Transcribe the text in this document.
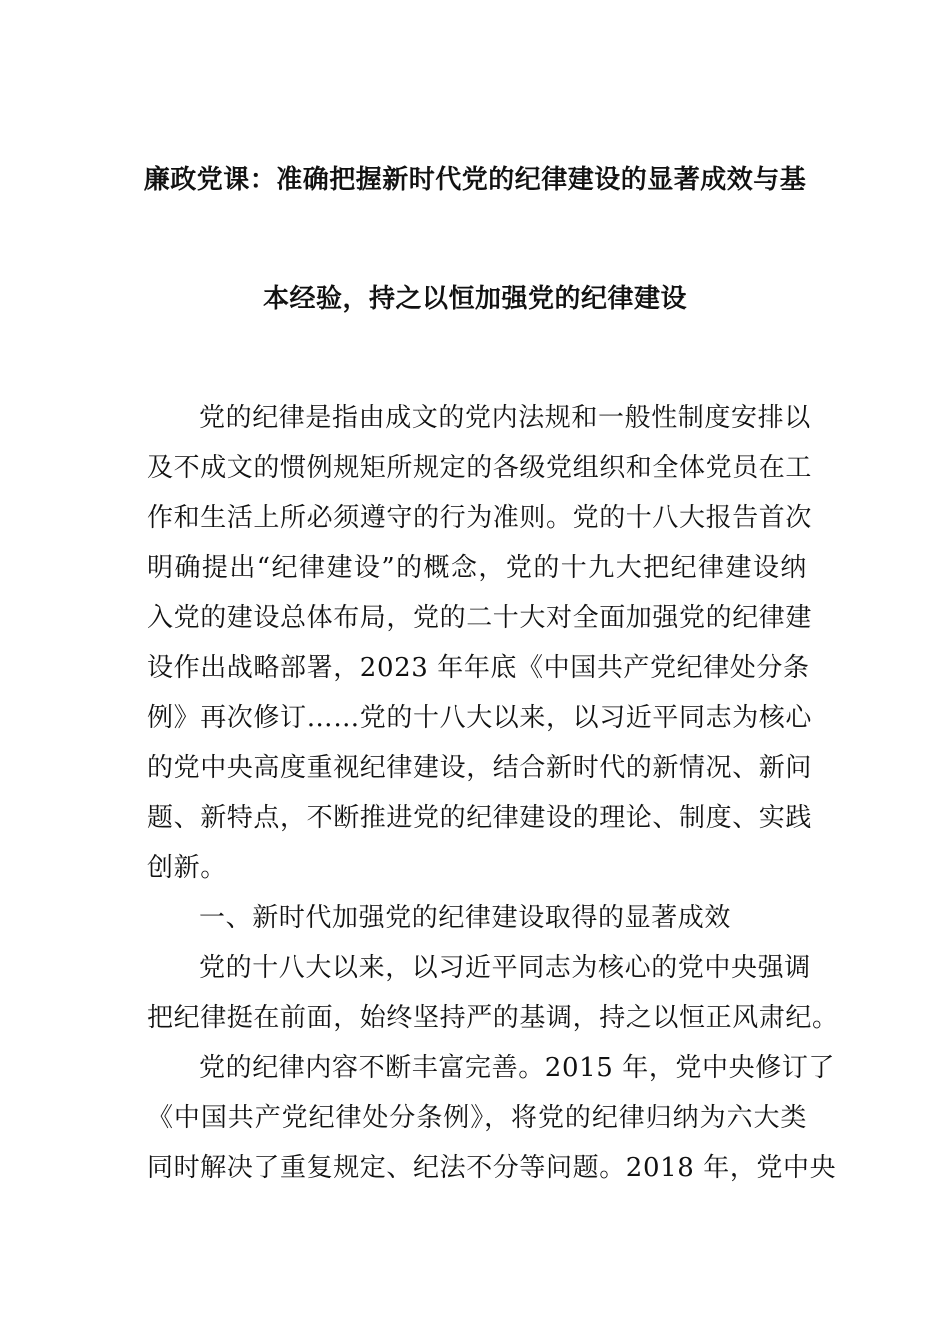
廉政党课：准确把握新时代党的纪律建设的显著成效与基
本经验，持之以恒加强党的纪律建设
党的纪律是指由成文的党内法规和一般性制度安排以
及不成文的惯例规矩所规定的各级党组织和全体党员在工
作和生活上所必须遵守的行为准则。党的十八大报告首次
明确提出“纪律建设”的概念，党的十九大把纪律建设纳
入党的建设总体布局，党的二十大对全面加强党的纪律建
设作出战略部署，2023 年年底《中国共产党纪律处分条
例》再次修订……党的十八大以来，以习近平同志为核心
的党中央高度重视纪律建设，结合新时代的新情况、新问
题、新特点，不断推进党的纪律建设的理论、制度、实践
创新。
一、新时代加强党的纪律建设取得的显著成效
党的十八大以来，以习近平同志为核心的党中央强调
把纪律挺在前面，始终坚持严的基调，持之以恒正风肃纪。
党的纪律内容不断丰富完善。2015 年，党中央修订了
《中国共产党纪律处分条例》，将党的纪律归纳为六大类
同时解决了重复规定、纪法不分等问题。2018 年，党中央
